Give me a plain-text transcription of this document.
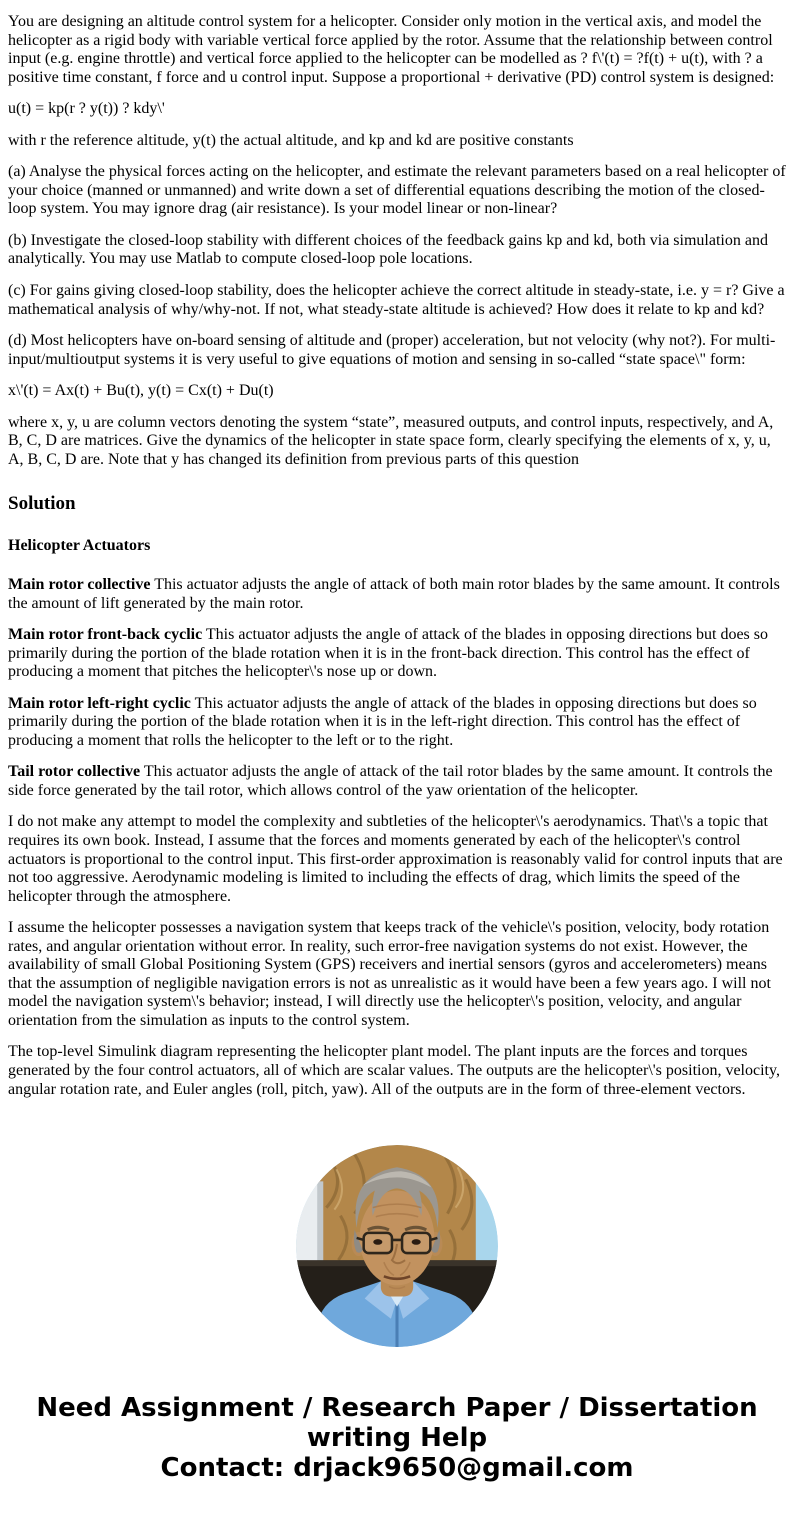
You are designing an altitude control system for a helicopter. Consider only motion in the vertical axis, and model the helicopter as a rigid body with variable vertical force applied by the rotor. Assume that the relationship between control input (e.g. engine throttle) and vertical force applied to the helicopter can be modelled as ? f\'(t) = ?f(t) + u(t), with ? a positive time constant, f force and u control input. Suppose a proportional + derivative (PD) control system is designed:

u(t) = kp(r ? y(t)) ? kdy\'

with r the reference altitude, y(t) the actual altitude, and kp and kd are positive constants

(a) Analyse the physical forces acting on the helicopter, and estimate the relevant parameters based on a real helicopter of your choice (manned or unmanned) and write down a set of differential equations describing the motion of the closed-loop system. You may ignore drag (air resistance). Is your model linear or non-linear?

(b) Investigate the closed-loop stability with different choices of the feedback gains kp and kd, both via simulation and analytically. You may use Matlab to compute closed-loop pole locations.

(c) For gains giving closed-loop stability, does the helicopter achieve the correct altitude in steady-state, i.e. y = r? Give a mathematical analysis of why/why-not. If not, what steady-state altitude is achieved? How does it relate to kp and kd?

(d) Most helicopters have on-board sensing of altitude and (proper) acceleration, but not velocity (why not?). For multi-input/multioutput systems it is very useful to give equations of motion and sensing in so-called “state space\" form:

x\'(t) = Ax(t) + Bu(t), y(t) = Cx(t) + Du(t)

where x, y, u are column vectors denoting the system “state”, measured outputs, and control inputs, respectively, and A, B, C, D are matrices. Give the dynamics of the helicopter in state space form, clearly specifying the elements of x, y, u, A, B, C, D are. Note that y has changed its definition from previous parts of this question

Solution
Helicopter Actuators

Main rotor collective This actuator adjusts the angle of attack of both main rotor blades by the same amount. It controls the amount of lift generated by the main rotor.

Main rotor front-back cyclic This actuator adjusts the angle of attack of the blades in opposing directions but does so primarily during the portion of the blade rotation when it is in the front-back direction. This control has the effect of producing a moment that pitches the helicopter\'s nose up or down.

Main rotor left-right cyclic This actuator adjusts the angle of attack of the blades in opposing directions but does so primarily during the portion of the blade rotation when it is in the left-right direction. This control has the effect of producing a moment that rolls the helicopter to the left or to the right.

Tail rotor collective This actuator adjusts the angle of attack of the tail rotor blades by the same amount. It controls the side force generated by the tail rotor, which allows control of the yaw orientation of the helicopter.

I do not make any attempt to model the complexity and subtleties of the helicopter\'s aerodynamics. That\'s a topic that requires its own book. Instead, I assume that the forces and moments generated by each of the helicopter\'s control actuators is proportional to the control input. This first-order approximation is reasonably valid for control inputs that are not too aggressive. Aerodynamic modeling is limited to including the effects of drag, which limits the speed of the helicopter through the atmosphere.

I assume the helicopter possesses a navigation system that keeps track of the vehicle\'s position, velocity, body rotation rates, and angular orientation without error. In reality, such error-free navigation systems do not exist. However, the availability of small Global Positioning System (GPS) receivers and inertial sensors (gyros and accelerometers) means that the assumption of negligible navigation errors is not as unrealistic as it would have been a few years ago. I will not model the navigation system\'s behavior; instead, I will directly use the helicopter\'s position, velocity, and angular orientation from the simulation as inputs to the control system.

The top-level Simulink diagram representing the helicopter plant model. The plant inputs are the forces and torques generated by the four control actuators, all of which are scalar values. The outputs are the helicopter\'s position, velocity, angular rotation rate, and Euler angles (roll, pitch, yaw). All of the outputs are in the form of three-element vectors.

Need Assignment / Research Paper / Dissertation writing Help
Contact: drjack9650@gmail.com
